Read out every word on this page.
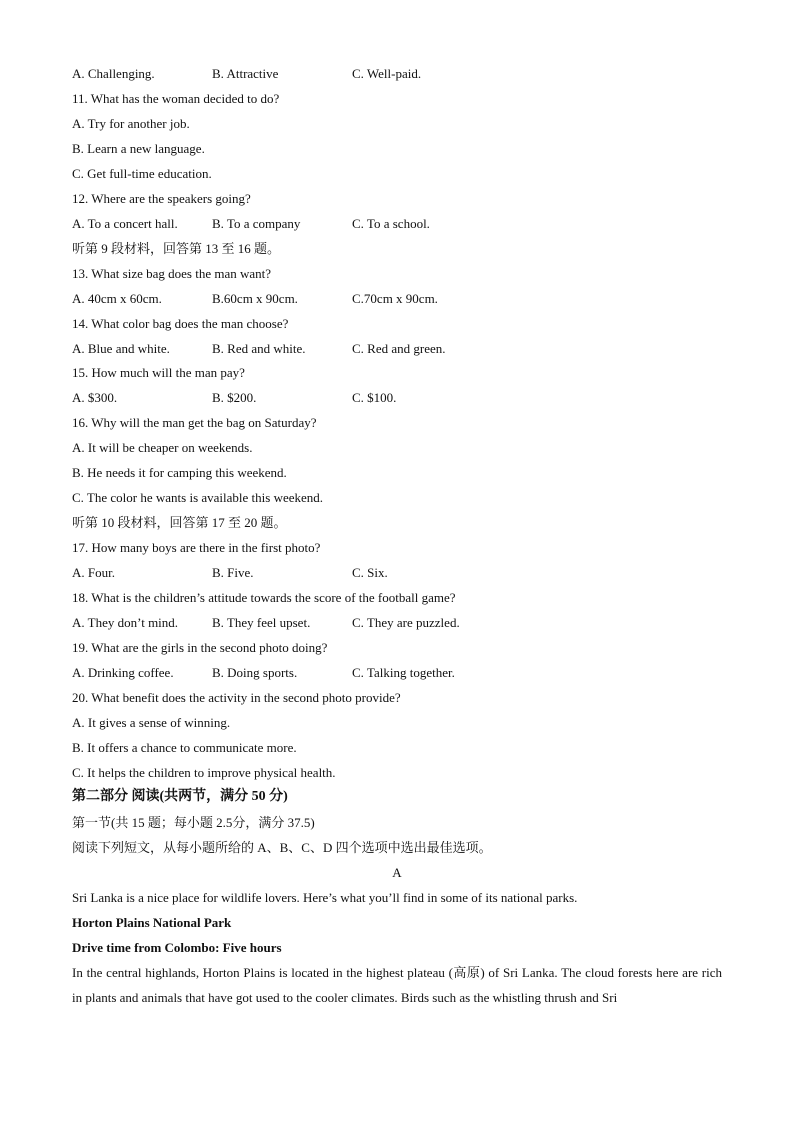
A. Challenging.	B. Attractive	C. Well-paid.
11. What has the woman decided to do?
A. Try for another job.
B. Learn a new language.
C. Get full-time education.
12. Where are the speakers going?
A. To a concert hall.	B. To a company	C. To a school.
听第 9 段材料，回答第 13 至 16 题。
13. What size bag does the man want?
A. 40cm x 60cm.	B.60cm x 90cm.	C.70cm x 90cm.
14. What color bag does the man choose?
A. Blue and white.	B. Red and white.	C. Red and green.
15. How much will the man pay?
A. $300.	B. $200.	C. $100.
16. Why will the man get the bag on Saturday?
A. It will be cheaper on weekends.
B. He needs it for camping this weekend.
C. The color he wants is available this weekend.
听第 10 段材料，回答第 17 至 20 题。
17. How many boys are there in the first photo?
A. Four.	B. Five.	C. Six.
18. What is the children’s attitude towards the score of the football game?
A. They don’t mind.	B. They feel upset.	C. They are puzzled.
19. What are the girls in the second photo doing?
A. Drinking coffee.	B. Doing sports.	C. Talking together.
20. What benefit does the activity in the second photo provide?
A. It gives a sense of winning.
B. It offers a chance to communicate more.
C. It helps the children to improve physical health.
第二部分 阅读(共两节，满分 50 分)
第一节(共 15 题；每小题 2.5分，满分 37.5)
阅读下列短文，从每小题所给的 A、B、C、D 四个选项中选出最佳选项。
A
Sri Lanka is a nice place for wildlife lovers. Here’s what you’ll find in some of its national parks.
Horton Plains National Park
Drive time from Colombo: Five hours
In the central highlands, Horton Plains is located in the highest plateau (高原) of Sri Lanka. The cloud forests here are rich in plants and animals that have got used to the cooler climates. Birds such as the whistling thrush and Sri
